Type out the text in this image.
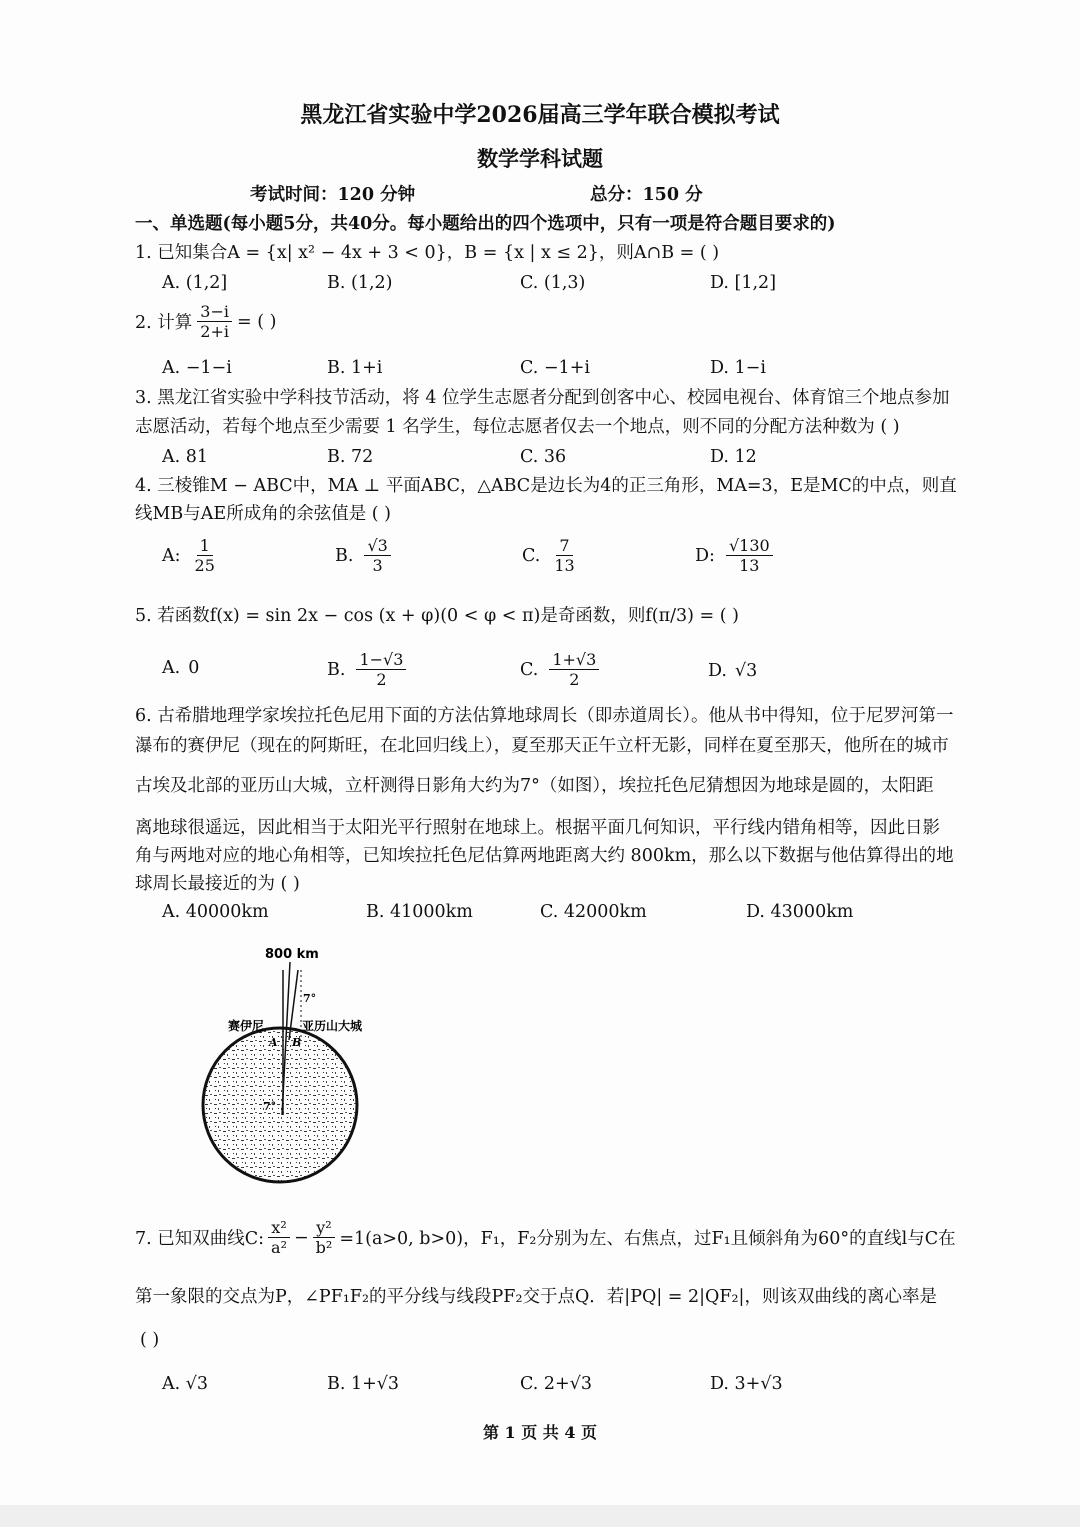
黑龙江省实验中学2026届高三学年联合模拟考试
数学学科试题
考试时间：120 分钟	总分：150 分
一、单选题(每小题5分，共40分。每小题给出的四个选项中，只有一项是符合题目要求的)
1. 已知集合A = {x| x² − 4x + 3 < 0}，B = {x | x ≤ 2}，则A∩B = ( )
A. (1,2]	B. (1,2)	C. (1,3)	D. [1,2]
2. 计算 $\frac{3-i}{2+i}$ = ( )
A. −1−i	B. 1+i	C. −1+i	D. 1−i
3. 黑龙江省实验中学科技节活动，将 4 位学生志愿者分配到创客中心、校园电视台、体育馆三个地点参加
志愿活动，若每个地点至少需要 1 名学生，每位志愿者仅去一个地点，则不同的分配方法种数为 ( )
A. 81	B. 72	C. 36	D. 12
4. 三棱锥M − ABC中，MA ⊥ 平面ABC，△ABC是边长为4的正三角形，MA=3，E是MC的中点，则直
线MB与AE所成角的余弦值是 ( )
A: $\frac{1}{25}$	B. $\frac{√3}{3}$	C. $\frac{7}{13}$	D: $\frac{√130}{13}$
5. 若函数f(x) = sin 2x − cos (x + φ)(0 < φ < π)是奇函数，则f(π/3) = ( )
A. 0	B. $\frac{1-√3}{2}$	C. $\frac{1+√3}{2}$	D. √3
6. 古希腊地理学家埃拉托色尼用下面的方法估算地球周长（即赤道周长）。他从书中得知，位于尼罗河第一
瀑布的赛伊尼（现在的阿斯旺，在北回归线上），夏至那天正午立杆无影，同样在夏至那天，他所在的城市
古埃及北部的亚历山大城，立杆测得日影角大约为7°（如图），埃拉托色尼猜想因为地球是圆的，太阳距
离地球很遥远，因此相当于太阳光平行照射在地球上。根据平面几何知识，平行线内错角相等，因此日影
角与两地对应的地心角相等，已知埃拉托色尼估算两地距离大约 800km，那么以下数据与他估算得出的地
球周长最接近的为 ( )
A. 40000km	B. 41000km	C. 42000km	D. 43000km
800 km
7°
7°
赛伊尼	亚历山大城
A B
7. 已知双曲线C: $\frac{\text{x²}}{\text{a²}} - \frac{\text{y²}}{\text{b²}} =1(a>0$, b>0)，F₁，F₂分别为左、右焦点，过F₁且倾斜角为60°的直线l与C在
第一象限的交点为P，∠PF₁F₂的平分线与线段PF₂交于点Q．若|PQ| = 2|QF₂|，则该双曲线的离心率是
( )
A. √3	B. 1+√3	C. 2+√3	D. 3+√3
第 1 页 共 4 页
